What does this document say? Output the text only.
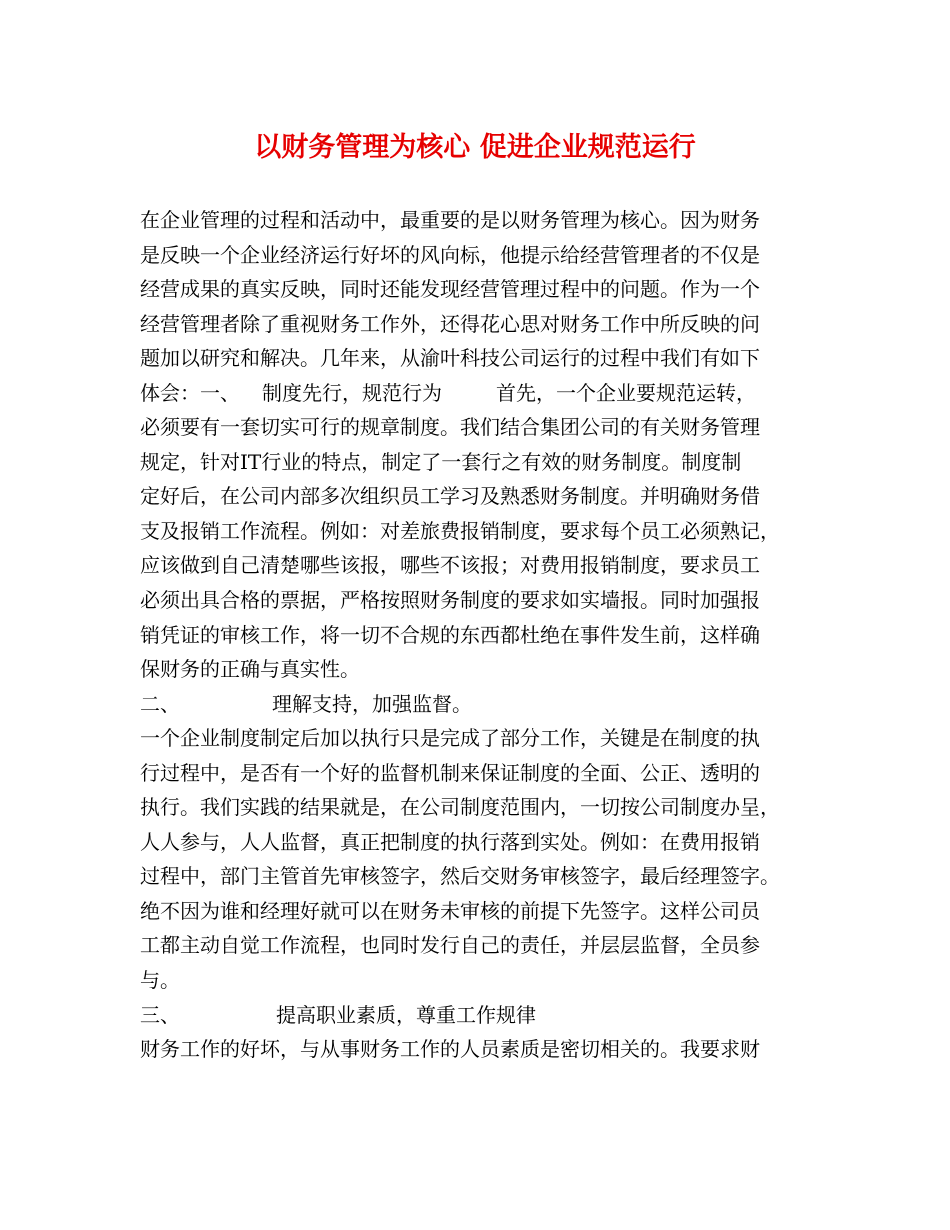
以财务管理为核心 促进企业规范运行
在企业管理的过程和活动中，最重要的是以财务管理为核心。因为财务
是反映一个企业经济运行好坏的风向标，他提示给经营管理者的不仅是
经营成果的真实反映，同时还能发现经营管理过程中的问题。作为一个
经营管理者除了重视财务工作外，还得花心思对财务工作中所反映的问
题加以研究和解决。几年来，从渝叶科技公司运行的过程中我们有如下
体会：一、 制度先行，规范行为	首先，一个企业要规范运转，
必须要有一套切实可行的规章制度。我们结合集团公司的有关财务管理
规定，针对IT行业的特点，制定了一套行之有效的财务制度。制度制
定好后，在公司内部多次组织员工学习及熟悉财务制度。并明确财务借
支及报销工作流程。例如：对差旅费报销制度，要求每个员工必须熟记，
应该做到自己清楚哪些该报，哪些不该报；对费用报销制度，要求员工
必须出具合格的票据，严格按照财务制度的要求如实墙报。同时加强报
销凭证的审核工作，将一切不合规的东西都杜绝在事件发生前，这样确
保财务的正确与真实性。
二、	理解支持，加强监督。
一个企业制度制定后加以执行只是完成了部分工作，关键是在制度的执
行过程中，是否有一个好的监督机制来保证制度的全面、公正、透明的
执行。我们实践的结果就是，在公司制度范围内，一切按公司制度办呈，
人人参与，人人监督，真正把制度的执行落到实处。例如：在费用报销
过程中，部门主管首先审核签字，然后交财务审核签字，最后经理签字。
绝不因为谁和经理好就可以在财务未审核的前提下先签字。这样公司员
工都主动自觉工作流程，也同时发行自己的责任，并层层监督，全员参
与。
三、	提高职业素质，尊重工作规律
财务工作的好坏，与从事财务工作的人员素质是密切相关的。我要求财
